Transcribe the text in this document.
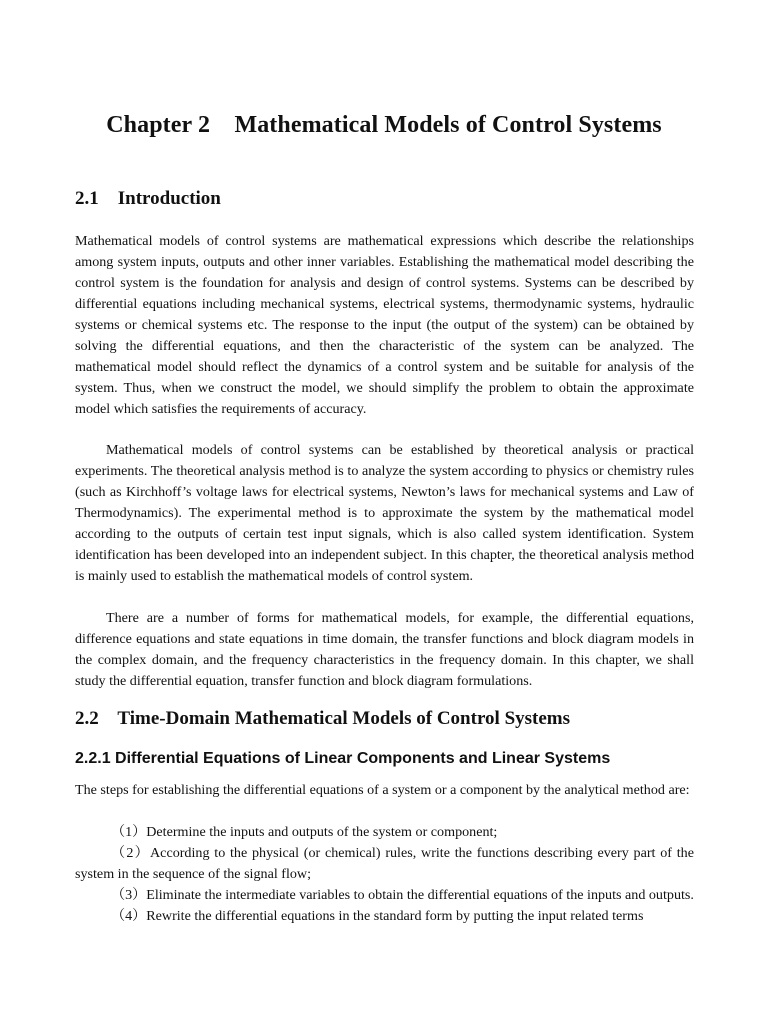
Chapter 2    Mathematical Models of Control Systems
2.1    Introduction

Mathematical models of control systems are mathematical expressions which describe the relationships among system inputs, outputs and other inner variables. Establishing the mathematical model describing the control system is the foundation for analysis and design of control systems. Systems can be described by differential equations including mechanical systems, electrical systems, thermodynamic systems, hydraulic systems or chemical systems etc. The response to the input (the output of the system) can be obtained by solving the differential equations, and then the characteristic of the system can be analyzed. The mathematical model should reflect the dynamics of a control system and be suitable for analysis of the system. Thus, when we construct the model, we should simplify the problem to obtain the approximate model which satisfies the requirements of accuracy.

Mathematical models of control systems can be established by theoretical analysis or practical experiments. The theoretical analysis method is to analyze the system according to physics or chemistry rules (such as Kirchhoff’s voltage laws for electrical systems, Newton’s laws for mechanical systems and Law of Thermodynamics). The experimental method is to approximate the system by the mathematical model according to the outputs of certain test input signals, which is also called system identification. System identification has been developed into an independent subject. In this chapter, the theoretical analysis method is mainly used to establish the mathematical models of control system.

There are a number of forms for mathematical models, for example, the differential equations, difference equations and state equations in time domain, the transfer functions and block diagram models in the complex domain, and the frequency characteristics in the frequency domain. In this chapter, we shall study the differential equation, transfer function and block diagram formulations.

2.2    Time-Domain Mathematical Models of Control Systems
2.2.1 Differential Equations of Linear Components and Linear Systems

The steps for establishing the differential equations of a system or a component by the analytical method are:

（1）Determine the inputs and outputs of the system or component;
（2）According to the physical (or chemical) rules, write the functions describing every part of the system in the sequence of the signal flow;
（3）Eliminate the intermediate variables to obtain the differential equations of the inputs and outputs.
（4）Rewrite the differential equations in the standard form by putting the input related terms
